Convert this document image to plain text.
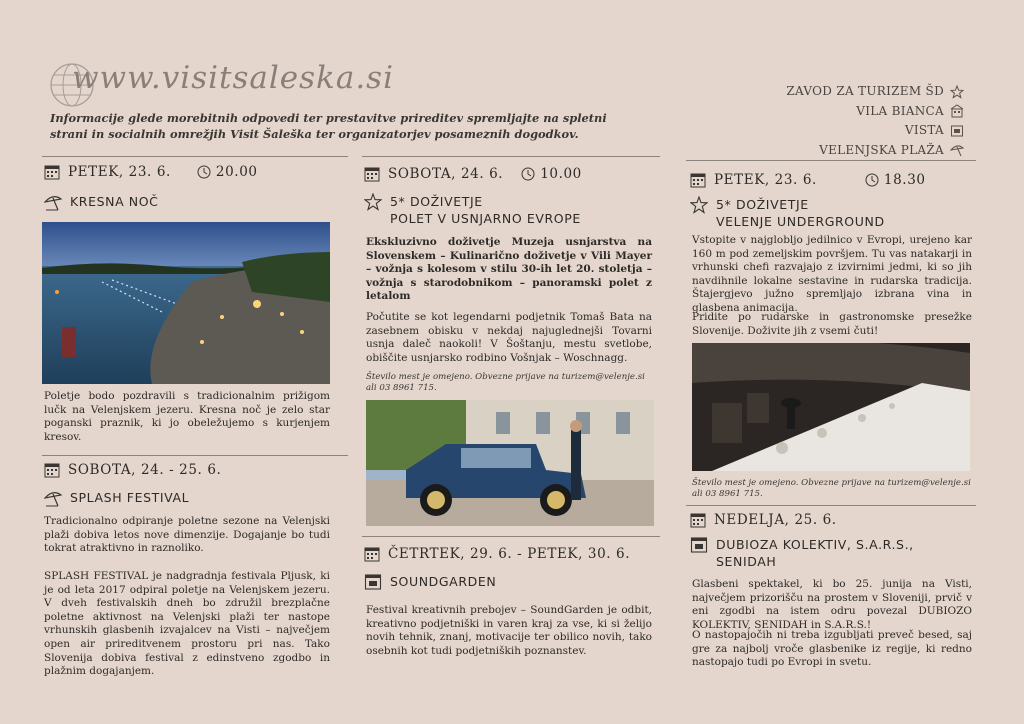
www.visitsaleska.si
Informacije glede morebitnih odpovedi ter prestavitve prireditev spremljajte na spletni strani in socialnih omrežjih Visit Šaleška ter organizatorjev posameznih dogodkov.
ZAVOD ZA TURIZEM ŠD
VILA BIANCA
VISTA
VELENJSKA PLAŽA
PETEK, 23. 6.	20.00
KRESNA NOČ
Poletje bodo pozdravili s tradicionalnim prižigom lučk na Velenjskem jezeru. Kresna noč je zelo star poganski praznik, ki jo obeležujemo s kurjenjem kresov.
SOBOTA, 24. - 25. 6.
SPLASH FESTIVAL
Tradicionalno odpiranje poletne sezone na Velenjski plaži dobiva letos nove dimenzije. Dogajanje bo tudi tokrat atraktivno in raznoliko.
SPLASH FESTIVAL je nadgradnja festivala Pljusk, ki je od leta 2017 odpiral poletje na Velenjskem jezeru. V dveh festivalskih dneh bo združil brezplačne poletne aktivnost na Velenjski plaži ter nastope vrhunskih glasbenih izvajalcev na Visti – največjem open air prireditvenem prostoru pri nas. Tako Slovenija dobiva festival z edinstveno zgodbo in plažnim dogajanjem.
SOBOTA, 24. 6.	10.00
5* DOŽIVETJE
POLET V USNJARNO EVROPE
Ekskluzivno doživetje Muzeja usnjarstva na Slovenskem – Kulinarično doživetje v Vili Mayer – vožnja s kolesom v stilu 30-ih let 20. stoletja – vožnja s starodobnikom – panoramski polet z letalom
Počutite se kot legendarni podjetnik Tomaš Bata na zasebnem obisku v nekdaj najuglednejši Tovarni usnja daleč naokoli! V Šoštanju, mestu svetlobe, obiščite usnjarsko rodbino Vošnjak – Woschnagg.
Število mest je omejeno. Obvezne prijave na turizem@velenje.si ali 03 8961 715.
ČETRTEK, 29. 6. - PETEK, 30. 6.
SOUNDGARDEN
Festival kreativnih prebojev – SoundGarden je odbit, kreativno podjetniški in varen kraj za vse, ki si želijo novih tehnik, znanj, motivacije ter obilico novih, tako osebnih kot tudi podjetniških poznanstev.
PETEK, 23. 6.	18.30
5* DOŽIVETJE
VELENJE UNDERGROUND
Vstopite v najgloblјo jedilnico v Evropi, urejeno kar 160 m pod zemeljskim površjem. Tu vas natakarji in vrhunski chefi razvajajo z izvirnimi jedmi, ki so jih navdihnile lokalne sestavine in rudarska tradicija. Štajergjevo južno spremljajo izbrana vina in glasbena animacija.
Pridite po rudarske in gastronomske presežke Slovenije. Doživite jih z vsemi čuti!
Število mest je omejeno. Obvezne prijave na turizem@velenje.si ali 03 8961 715.
NEDELJA, 25. 6.
DUBIOZA KOLEKTIV, S.A.R.S., SENIDAH
Glasbeni spektakel, ki bo 25. junija na Visti, največjem prizorišču na prostem v Sloveniji, prvič v eni zgodbi na istem odru povezal DUBIOZO KOLEKTIV, SENIDAH in S.A.R.S.!
O nastopajočih ni treba izgubljati preveč besed, saj gre za najbolj vroče glasbenike iz regije, ki redno nastopajo tudi po Evropi in svetu.
